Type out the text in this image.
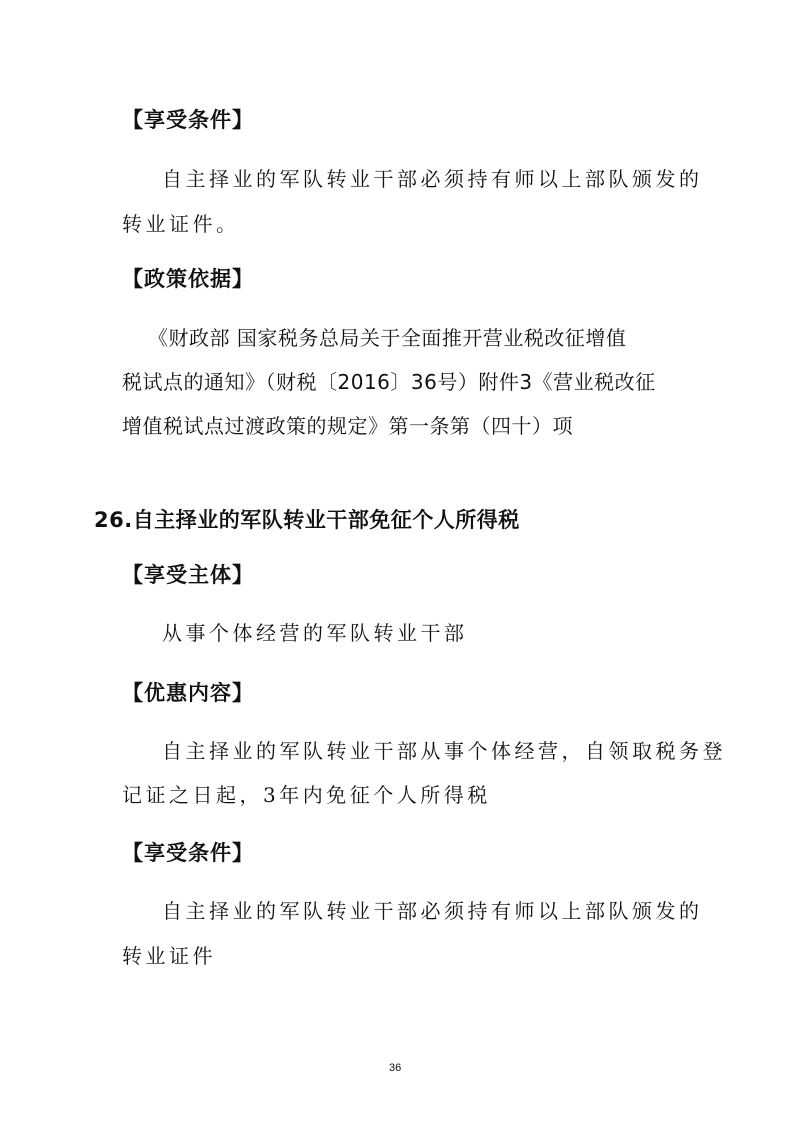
【享受条件】
自主择业的军队转业干部必须持有师以上部队颁发的
转业证件。
【政策依据】
《财政部 国家税务总局关于全面推开营业税改征增值
税试点的通知》（财税〔2016〕36号）附件3《营业税改征
增值税试点过渡政策的规定》第一条第（四十）项
26.自主择业的军队转业干部免征个人所得税
【享受主体】
从事个体经营的军队转业干部
【优惠内容】
自主择业的军队转业干部从事个体经营，自领取税务登
记证之日起，3年内免征个人所得税
【享受条件】
自主择业的军队转业干部必须持有师以上部队颁发的
转业证件
36
